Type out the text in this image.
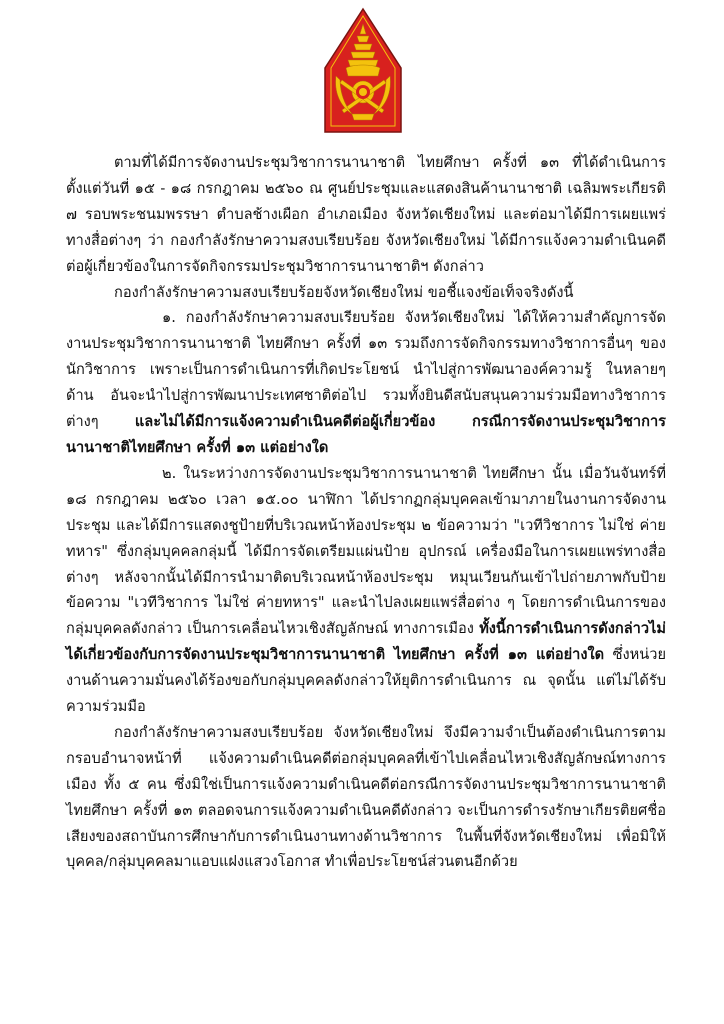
ตามที่ได้มีการจัดงานประชุมวิชาการนานาชาติ ไทยศึกษา ครั้งที่ ๑๓ ที่ได้ดำเนินการตั้งแต่วันที่ ๑๕ - ๑๘ กรกฎาคม ๒๕๖๐ ณ ศูนย์ประชุมและแสดงสินค้านานาชาติ เฉลิมพระเกียรติ ๗ รอบพระชนมพรรษา ตำบลช้างเผือก อำเภอเมือง จังหวัดเชียงใหม่ และต่อมาได้มีการเผยแพร่ทางสื่อต่างๆ ว่า กองกำลังรักษาความสงบเรียบร้อย จังหวัดเชียงใหม่ ได้มีการแจ้งความดำเนินคดีต่อผู้เกี่ยวข้องในการจัดกิจกรรมประชุมวิชาการนานาชาติฯ ดังกล่าว

กองกำลังรักษาความสงบเรียบร้อยจังหวัดเชียงใหม่ ขอชี้แจงข้อเท็จจริงดังนี้

๑. กองกำลังรักษาความสงบเรียบร้อย จังหวัดเชียงใหม่ ได้ให้ความสำคัญการจัดงานประชุมวิชาการนานาชาติ ไทยศึกษา ครั้งที่ ๑๓ รวมถึงการจัดกิจกรรมทางวิชาการอื่นๆ ของนักวิชาการ เพราะเป็นการดำเนินการที่เกิดประโยชน์ นำไปสู่การพัฒนาองค์ความรู้ ในหลายๆ ด้าน อันจะนำไปสู่การพัฒนาประเทศชาติต่อไป รวมทั้งยินดีสนับสนุนความร่วมมือทางวิชาการต่างๆ และไม่ได้มีการแจ้งความดำเนินคดีต่อผู้เกี่ยวข้อง กรณีการจัดงานประชุมวิชาการนานาชาติไทยศึกษา ครั้งที่ ๑๓ แต่อย่างใด

๒. ในระหว่างการจัดงานประชุมวิชาการนานาชาติ ไทยศึกษา นั้น เมื่อวันจันทร์ที่ ๑๘ กรกฎาคม ๒๕๖๐ เวลา ๑๕.๐๐ นาฬิกา ได้ปรากฏกลุ่มบุคคลเข้ามาภายในงานการจัดงานประชุม และได้มีการแสดงชูป้ายที่บริเวณหน้าห้องประชุม ๒ ข้อความว่า "เวทีวิชาการ ไม่ใช่ ค่ายทหาร" ซึ่งกลุ่มบุคคลกลุ่มนี้ ได้มีการจัดเตรียมแผ่นป้าย อุปกรณ์ เครื่องมือในการเผยแพร่ทางสื่อต่างๆ หลังจากนั้นได้มีการนำมาติดบริเวณหน้าห้องประชุม หมุนเวียนกันเข้าไปถ่ายภาพกับป้ายข้อความ "เวทีวิชาการ ไม่ใช่ ค่ายทหาร" และนำไปลงเผยแพร่สื่อต่าง ๆ โดยการดำเนินการของกลุ่มบุคคลดังกล่าว เป็นการเคลื่อนไหวเชิงสัญลักษณ์ ทางการเมือง ทั้งนี้การดำเนินการดังกล่าวไม่ได้เกี่ยวข้องกับการจัดงานประชุมวิชาการนานาชาติ ไทยศึกษา ครั้งที่ ๑๓ แต่อย่างใด ซึ่งหน่วยงานด้านความมั่นคงได้ร้องขอกับกลุ่มบุคคลดังกล่าวให้ยุติการดำเนินการ ณ จุดนั้น แต่ไม่ได้รับความร่วมมือ

กองกำลังรักษาความสงบเรียบร้อย จังหวัดเชียงใหม่ จึงมีความจำเป็นต้องดำเนินการตามกรอบอำนาจหน้าที่ แจ้งความดำเนินคดีต่อกลุ่มบุคคลที่เข้าไปเคลื่อนไหวเชิงสัญลักษณ์ทางการเมือง ทั้ง ๕ คน ซึ่งมิใช่เป็นการแจ้งความดำเนินคดีต่อกรณีการจัดงานประชุมวิชาการนานาชาติ ไทยศึกษา ครั้งที่ ๑๓ ตลอดจนการแจ้งความดำเนินคดีดังกล่าว จะเป็นการดำรงรักษาเกียรติยศชื่อเสียงของสถาบันการศึกษากับการดำเนินงานทางด้านวิชาการ ในพื้นที่จังหวัดเชียงใหม่ เพื่อมิให้บุคคล/กลุ่มบุคคลมาแอบแฝงแสวงโอกาส ทำเพื่อประโยชน์ส่วนตนอีกด้วย
